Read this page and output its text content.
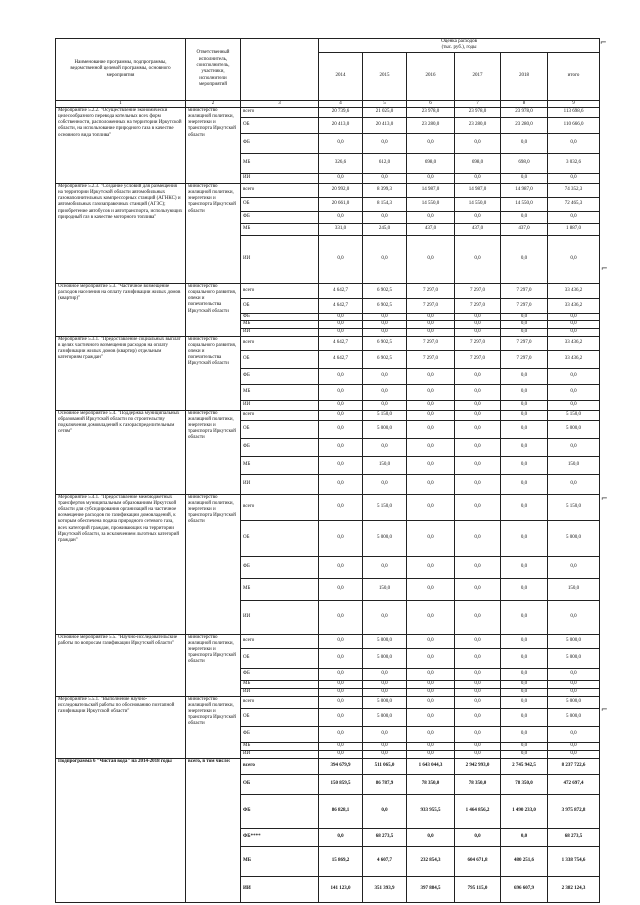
Наименование программы, подпрограммы, ведомственной целевой программы, основного мероприятия	Ответственный исполнитель, соисполнитель, участники, исполнители мероприятий		Оценка расходов
(тыс. руб.), годы					

			2014	2015	2016	2017	2018	итого
1	2	3	4	5	6	7	8	9
Мероприятие 5.2.2. "Осуществление экономически целесообразного перевода котельных всех форм собственности, расположенных на территории Иркутской области, на использование природного газа в качестве основного вида топлива"	министерство жилищной политики, энергетики и транспорта Иркутской области	всего	20 739,6	21 025,0	23 978,0	23 978,0	23 978,0	113 698,6
		ОБ	20 413,0	20 413,0	23 280,0	23 280,0	23 280,0	110 666,0
		ФБ	0,0	0,0	0,0	0,0	0,0	0,0
		МБ	326,6	612,0	698,0	698,0	698,0	3 032,6
		ИИ	0,0	0,0	0,0	0,0	0,0	0,0
Мероприятие 5.2.3. "Создание условий для размещения на территории Иркутской области автомобильных газонаполнительных компрессорных станций (АГНКС) и автомобильных газозаправочных станций (АГЗС); приобретение автобусов и автотранспорта, использующих природный газ в качестве моторного топлива"	министерство жилищной политики, энергетики и транспорта Иркутской области	всего	20 992,0	8 399,3	14 987,0	14 987,0	14 987,0	74 352,3
		ОБ	20 661,0	8 154,3	14 550,0	14 550,0	14 550,0	72 465,3
		ФБ	0,0	0,0	0,0	0,0	0,0	0,0
		МБ	331,0	245,0	437,0	437,0	437,0	1 887,0
		ИИ	0,0	0,0	0,0	0,0	0,0	0,0
Основное мероприятие 5.3. "Частичное возмещение расходов населения на оплату газификации жилых домов (квартир)"	министерство социального развития, опеки и попечительства Иркутской области	всего	4 642,7	6 902,5	7 297,0	7 297,0	7 297,0	33 436,2
		ОБ	4 642,7	6 902,5	7 297,0	7 297,0	7 297,0	33 436,2
		ФБ	0,0	0,0	0,0	0,0	0,0	0,0
		МБ	0,0	0,0	0,0	0,0	0,0	0,0
		ИИ	0,0	0,0	0,0	0,0	0,0	0,0
Мероприятие 5.3.1. "Предоставление социальных выплат в целях частичного возмещения расходов на оплату газификации жилых домов (квартир) отдельным категориям граждан"	министерство социального развития, опеки и попечительства Иркутской области	всего	4 642,7	6 902,5	7 297,0	7 297,0	7 297,0	33 436,2
		ОБ	4 642,7	6 902,5	7 297,0	7 297,0	7 297,0	33 436,2
		ФБ	0,0	0,0	0,0	0,0	0,0	0,0
		МБ	0,0	0,0	0,0	0,0	0,0	0,0
		ИИ	0,0	0,0	0,0	0,0	0,0	0,0
Основное мероприятие 5.4. "Поддержка муниципальных образований Иркутской области по строительству подключения домовладений к газораспределительным сетям"	министерство жилищной политики, энергетики и транспорта Иркутской области	всего	0,0	5 150,0	0,0	0,0	0,0	5 150,0
		ОБ	0,0	5 000,0	0,0	0,0	0,0	5 000,0
		ФБ	0,0	0,0	0,0	0,0	0,0	0,0
		МБ	0,0	150,0	0,0	0,0	0,0	150,0
		ИИ	0,0	0,0	0,0	0,0	0,0	0,0
Мероприятие 5.4.1. "Предоставление межбюджетных трансфертов муниципальным образованиям Иркутской области для субсидирования организаций на частичное возмещение расходов по газификации домовладений, к которым обеспечена подача природного сетевого газа, всех категорий граждан, проживающих на территории Иркутской области, за исключением льготных категорий граждан"	министерство жилищной политики, энергетики и транспорта Иркутской области	всего	0,0	5 150,0	0,0	0,0	0,0	5 150,0
		ОБ	0,0	5 000,0	0,0	0,0	0,0	5 000,0
		ФБ	0,0	0,0	0,0	0,0	0,0	0,0
		МБ	0,0	150,0	0,0	0,0	0,0	150,0
		ИИ	0,0	0,0	0,0	0,0	0,0	0,0
Основное мероприятие 5.5. "Научно-исследовательские работы по вопросам газификации Иркутской области"	министерство жилищной политики, энергетики и транспорта Иркутской области	всего	0,0	5 000,0	0,0	0,0	0,0	5 000,0
		ОБ	0,0	5 000,0	0,0	0,0	0,0	5 000,0
		ФБ	0,0	0,0	0,0	0,0	0,0	0,0
		МБ	0,0	0,0	0,0	0,0	0,0	0,0
		ИИ	0,0	0,0	0,0	0,0	0,0	0,0
Мероприятие 5.5.1. "Выполнение научно-исследовательской работы по обоснованию поэтапной газификации Иркутской области"	министерство жилищной политики, энергетики и транспорта Иркутской области	всего	0,0	5 000,0	0,0	0,0	0,0	5 000,0
		ОБ	0,0	5 000,0	0,0	0,0	0,0	5 000,0
		ФБ	0,0	0,0	0,0	0,0	0,0	0,0
		МБ	0,0	0,0	0,0	0,0	0,0	0,0
		ИИ	0,0	0,0	0,0	0,0	0,0	0,0
Подпрограмма 6 "Чистая вода" на 2014-2018 годы	всего, в том числе:	всего	394 679,9	511 065,0	1 643 044,3	2 942 993,0	2 745 942,5	8 237 722,6
		ОБ	150 859,5	86 787,9	78 350,0	78 350,0	78 350,0	472 697,4
		ФБ	86 828,1	0,0	933 955,5	1 464 856,2	1 490 233,0	3 975 872,8
		ФБ****	0,0	68 273,5	0,0	0,0	0,0	68 273,5
		МБ	15 869,2	4 607,7	232 854,3	604 671,8	480 251,6	1 338 754,6
		ИИ	141 123,0	351 393,9	397 884,5	795 115,0	696 607,9	2 382 124,3
⌐
⌐
⌐
⌐
